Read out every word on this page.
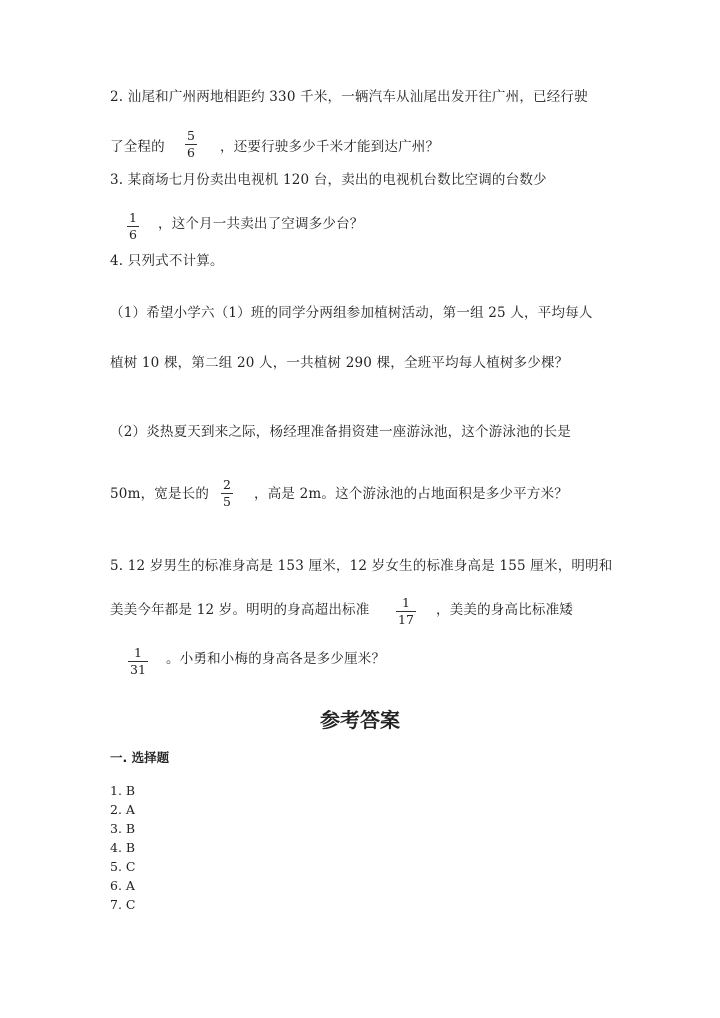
2. 汕尾和广州两地相距约 330 千米，一辆汽车从汕尾出发开往广州，已经行驶
了全程的
5
6 ，还要行驶多少千米才能到达广州？
3. 某商场七月份卖出电视机 120 台，卖出的电视机台数比空调的台数少
1
6
，这个月一共卖出了空调多少台？
4. 只列式不计算。
（1）希望小学六（1）班的同学分两组参加植树活动，第一组 25 人，平均每人
植树 10 棵，第二组 20 人，一共植树 290 棵，全班平均每人植树多少棵？
（2）炎热夏天到来之际，杨经理准备捐资建一座游泳池，这个游泳池的长是
50m，宽是长的
2
5 ，高是 2m。这个游泳池的占地面积是多少平方米？
5. 12 岁男生的标准身高是 153 厘米，12 岁女生的标准身高是 155 厘米，明明和
美美今年都是 12 岁。明明的身高超出标准	1
17
，美美的身高比标准矮
1
31
。小勇和小梅的身高各是多少厘米？
参考答案
一. 选择题
1. B
2. A
3. B
4. B
5. C
6. A
7. C
